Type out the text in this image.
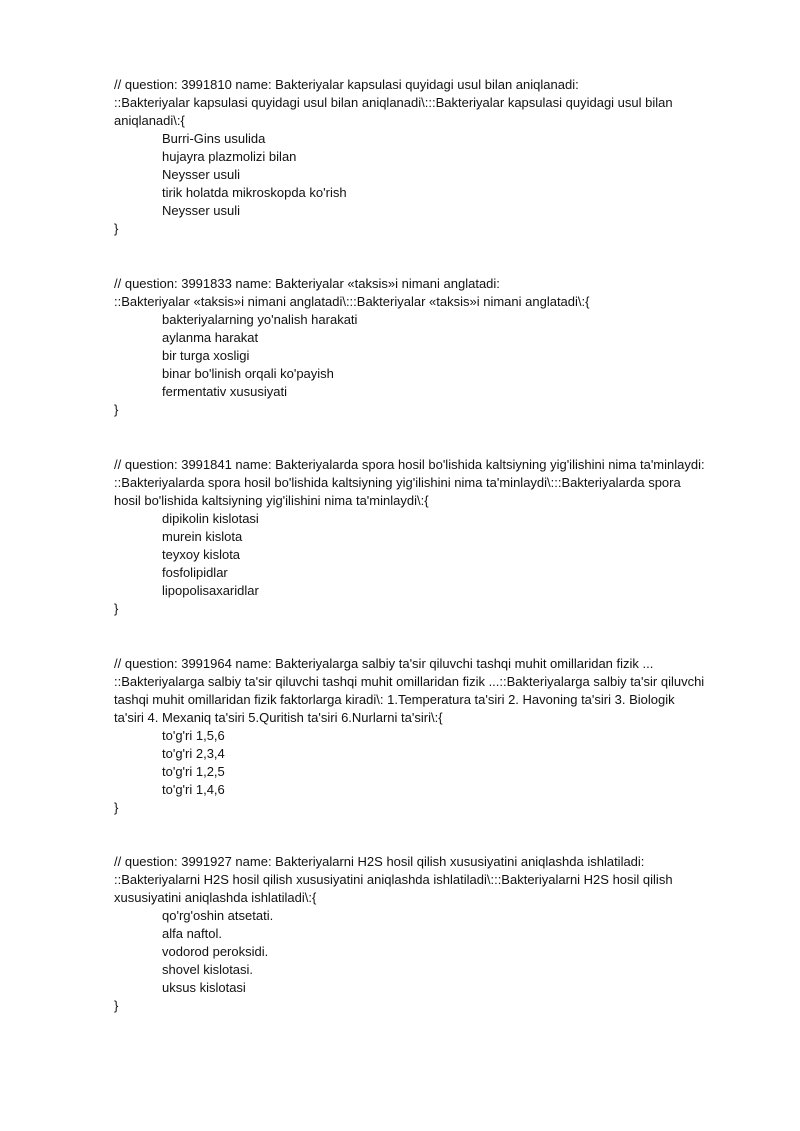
// question: 3991810 name: Bakteriyalar kapsulasi quyidagi usul bilan aniqlanadi:
::Bakteriyalar kapsulasi quyidagi usul bilan aniqlanadi\:::Bakteriyalar kapsulasi quyidagi usul bilan
aniqlanadi\:{
Burri-Gins usulida
hujayra plazmolizi bilan
Neysser usuli
tirik holatda mikroskopda ko'rish
Neysser usuli
}
// question: 3991833 name: Bakteriyalar «taksis»i nimani anglatadi:
::Bakteriyalar «taksis»i nimani anglatadi\:::Bakteriyalar «taksis»i nimani anglatadi\:{
bakteriyalarning yo'nalish harakati
aylanma harakat
bir turga xosligi
binar bo'linish orqali ko'payish
fermentativ xususiyati
}
// question: 3991841 name: Bakteriyalarda spora hosil bo'lishida kaltsiyning yig'ilishini nima ta'minlaydi:
::Bakteriyalarda spora hosil bo'lishida kaltsiyning yig'ilishini nima ta'minlaydi\:::Bakteriyalarda spora
hosil bo'lishida kaltsiyning yig'ilishini nima ta'minlaydi\:{
dipikolin kislotasi
murein kislota
teyxoy kislota
fosfolipidlar
lipopolisaxaridlar
}
// question: 3991964 name: Bakteriyalarga salbiy ta'sir qiluvchi tashqi muhit omillaridan fizik ...
::Bakteriyalarga salbiy ta'sir qiluvchi tashqi muhit omillaridan fizik ...::Bakteriyalarga salbiy ta'sir qiluvchi
tashqi muhit omillaridan fizik faktorlarga kiradi\: 1.Temperatura ta'siri 2. Havoning ta'siri 3. Biologik
ta'siri 4. Mexaniq ta'siri 5.Quritish ta'siri 6.Nurlarni ta'siri\:{
to'g'ri 1,5,6
to'g'ri 2,3,4
to'g'ri 1,2,5
to'g'ri 1,4,6
}
// question: 3991927 name: Bakteriyalarni H2S hosil qilish xususiyatini aniqlashda ishlatiladi:
::Bakteriyalarni H2S hosil qilish xususiyatini aniqlashda ishlatiladi\:::Bakteriyalarni H2S hosil qilish
xususiyatini aniqlashda ishlatiladi\:{
qo'rg'oshin atsetati.
alfa naftol.
vodorod peroksidi.
shovel kislotasi.
uksus kislotasi
}
